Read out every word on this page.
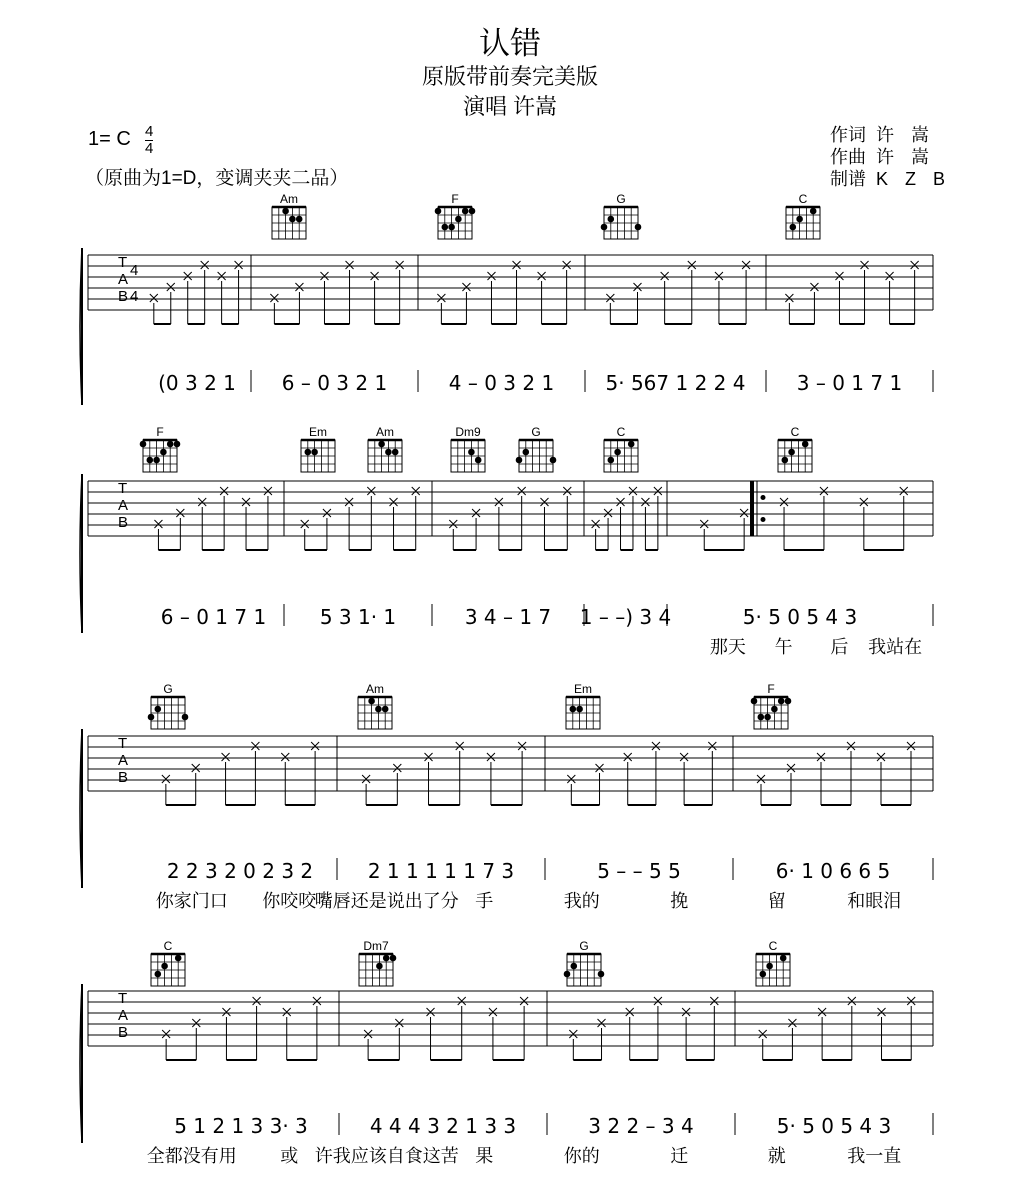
认错
原版带前奏完美版
演唱 许嵩
1= C $\frac{4}{4}$
（原曲为1=D，变调夹夹二品）
作词 许 嵩
作曲 许 嵩
制谱 K Z B
T
A
B
4
4
Am	F	G	C
(0 3 2 1 6 – 0 3 2 1	4 – 0 3 2 1	5· 567 1 2 2 4	3 – 0 1 7 1
T
A
B
F	Em	Am	Dm9	G	C	C
6 – 0 1 7 1	5 3 1· 1	3 4 – 1 7 1 – –) 3 4	5· 5 0 5 4 3
那天 午 后 我站在
T
A
B
G	Am	Em	F
2 2 3 2 0 2 3 2	2 1 1 1 1 1 7 3	5 – – 5 5	6· 1 0 6 6 5
你家门口 你咬咬
嘴唇还是说出了分 手	我的	挽	留	和眼泪
T
A
B
C	Dm7	G	C
5 1 2 1 3 3· 3	4 4 4 3 2 1 3 3	3 2 2 – 3 4	5· 5 0 5 4 3
全都没有用 或 许我应该自食这苦 果	你的	迁	就	我一直
